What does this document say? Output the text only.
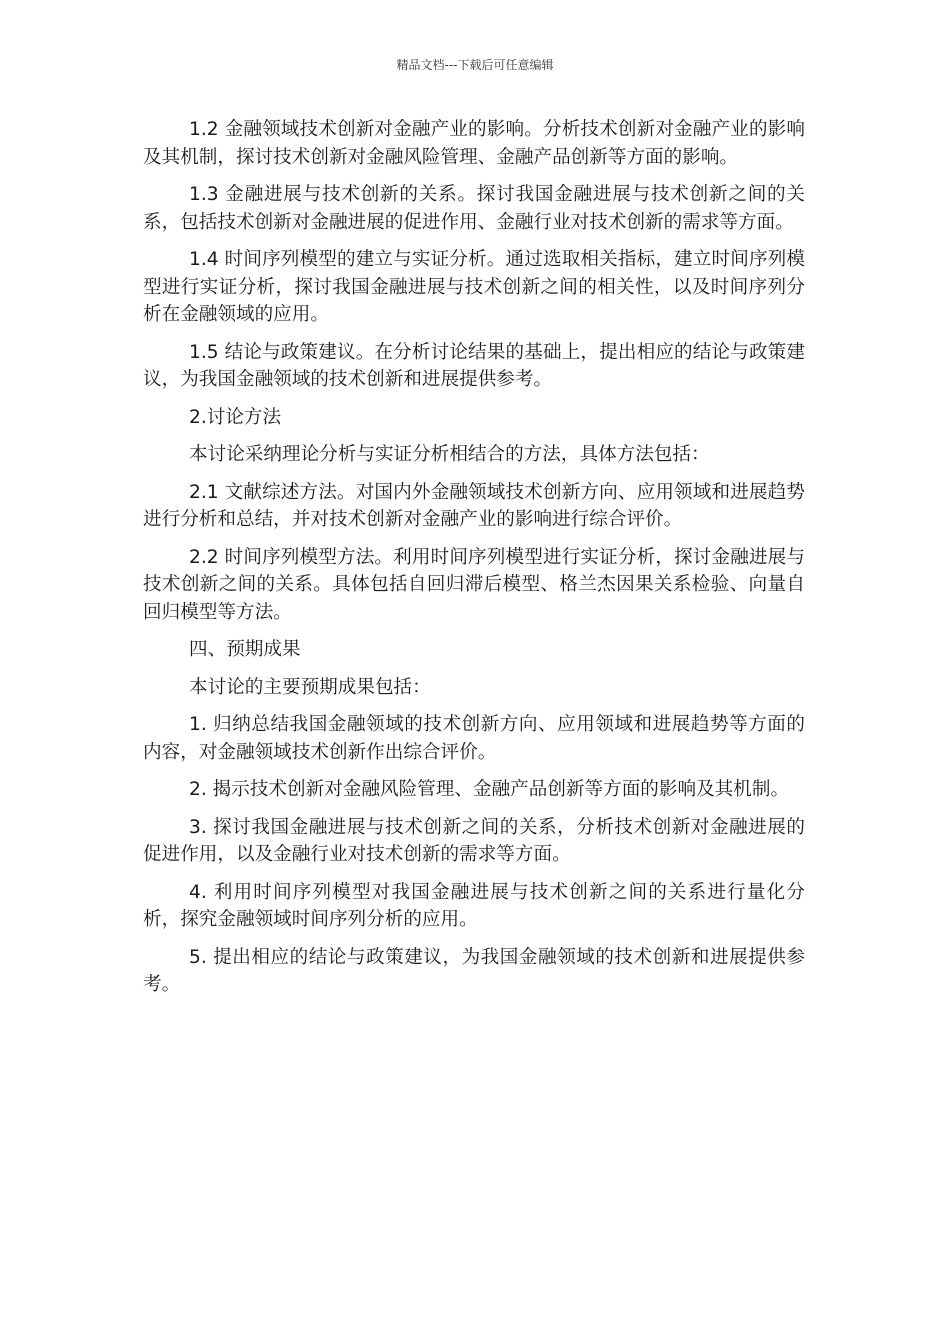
精品文档---下载后可任意编辑

1.2 金融领域技术创新对金融产业的影响。分析技术创新对金融产业的影响及其机制，探讨技术创新对金融风险管理、金融产品创新等方面的影响。

1.3 金融进展与技术创新的关系。探讨我国金融进展与技术创新之间的关系，包括技术创新对金融进展的促进作用、金融行业对技术创新的需求等方面。

1.4 时间序列模型的建立与实证分析。通过选取相关指标，建立时间序列模型进行实证分析，探讨我国金融进展与技术创新之间的相关性，以及时间序列分析在金融领域的应用。

1.5 结论与政策建议。在分析讨论结果的基础上，提出相应的结论与政策建议，为我国金融领域的技术创新和进展提供参考。

2.讨论方法

本讨论采纳理论分析与实证分析相结合的方法，具体方法包括：

2.1 文献综述方法。对国内外金融领域技术创新方向、应用领域和进展趋势进行分析和总结，并对技术创新对金融产业的影响进行综合评价。

2.2 时间序列模型方法。利用时间序列模型进行实证分析，探讨金融进展与技术创新之间的关系。具体包括自回归滞后模型、格兰杰因果关系检验、向量自回归模型等方法。

四、预期成果

本讨论的主要预期成果包括：

1. 归纳总结我国金融领域的技术创新方向、应用领域和进展趋势等方面的内容，对金融领域技术创新作出综合评价。

2. 揭示技术创新对金融风险管理、金融产品创新等方面的影响及其机制。

3. 探讨我国金融进展与技术创新之间的关系，分析技术创新对金融进展的促进作用，以及金融行业对技术创新的需求等方面。

4. 利用时间序列模型对我国金融进展与技术创新之间的关系进行量化分析，探究金融领域时间序列分析的应用。

5. 提出相应的结论与政策建议，为我国金融领域的技术创新和进展提供参考。
